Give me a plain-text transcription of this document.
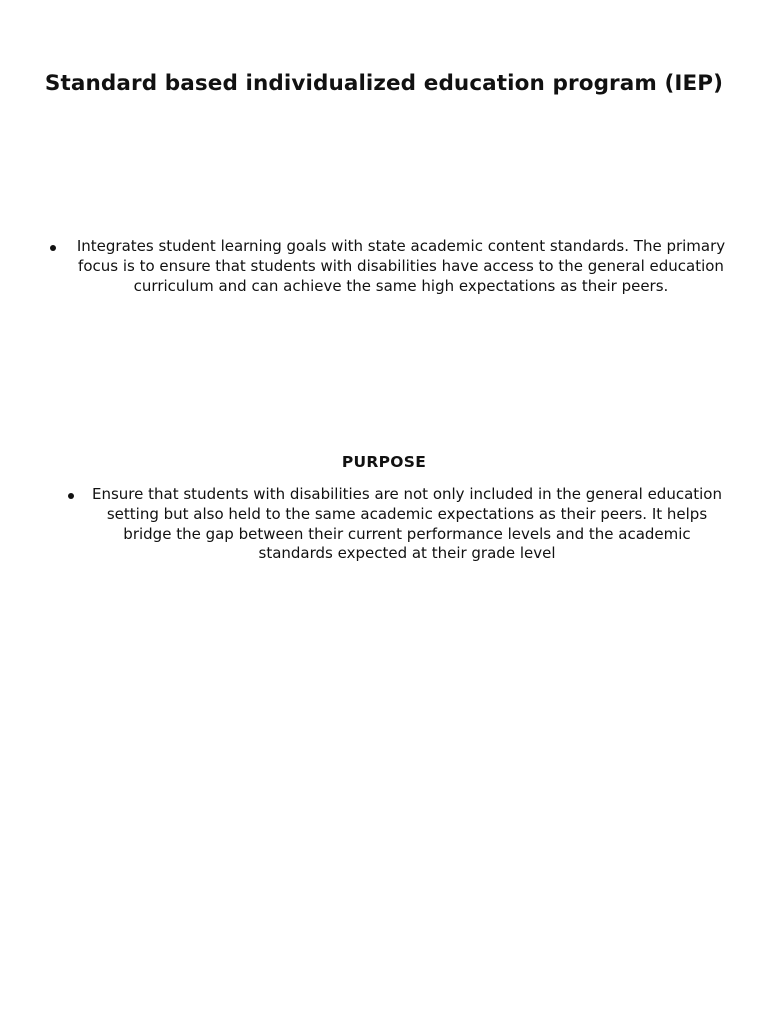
Standard based individualized education program (IEP)

Integrates student learning goals with state academic content standards. The primary focus is to ensure that students with disabilities have access to the general education curriculum and can achieve the same high expectations as their peers.

PURPOSE

Ensure that students with disabilities are not only included in the general education setting but also held to the same academic expectations as their peers. It helps bridge the gap between their current performance levels and the academic standards expected at their grade level
